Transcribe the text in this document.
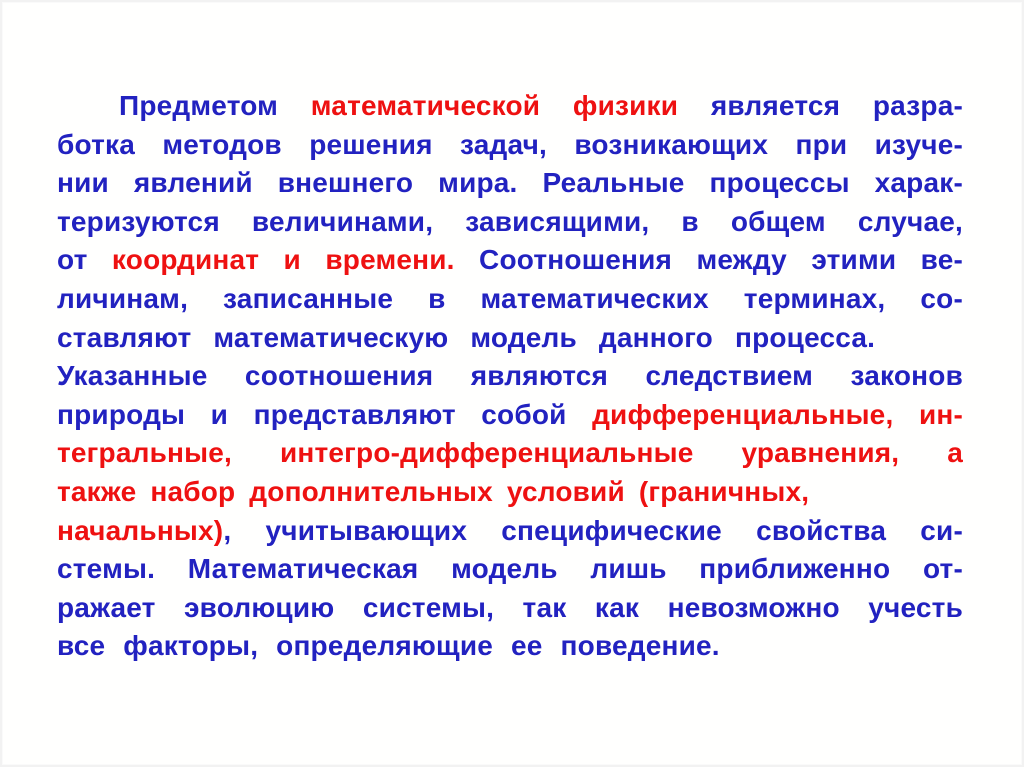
Предметом математической физики является разра-
ботка методов решения задач, возникающих при изуче-
нии явлений внешнего мира. Реальные процессы харак-
теризуются величинами, зависящими, в общем случае,
от координат и времени. Соотношения между этими ве-
личинам, записанные в математических терминах, со-
ставляют математическую модель данного процесса.
Указанные соотношения являются следствием законов
природы и представляют собой дифференциальные, ин-
тегральные, интегро-дифференциальные уравнения, а
также набор дополнительных условий (граничных,
начальных), учитывающих специфические свойства си-
стемы. Математическая модель лишь приближенно от-
ражает эволюцию системы, так как невозможно учесть
все факторы, определяющие ее поведение.
